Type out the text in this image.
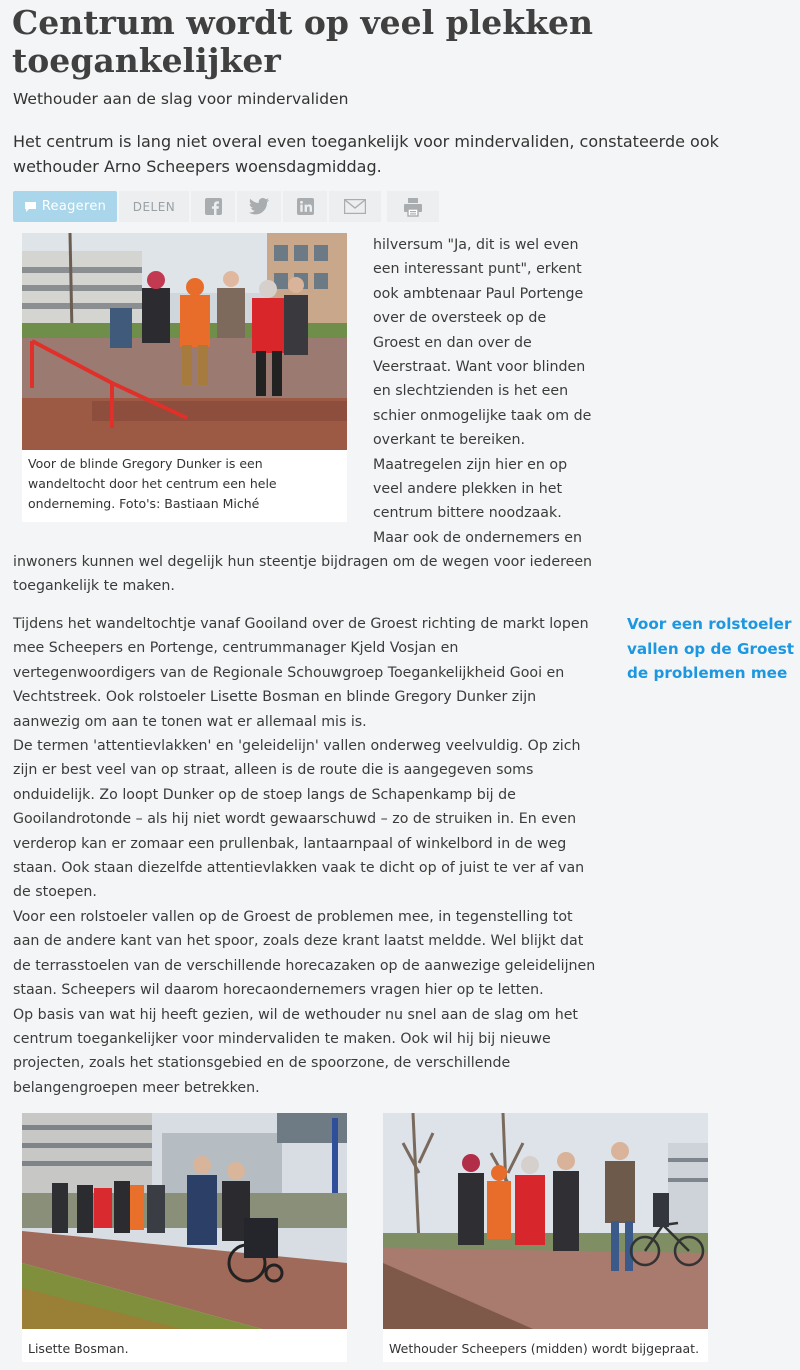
Centrum wordt op veel plekken toegankelijker

Wethouder aan de slag voor mindervaliden

Het centrum is lang niet overal even toegankelijk voor mindervaliden, constateerde ook wethouder Arno Scheepers woensdagmiddag.

Reageren	DELEN
Voor de blinde Gregory Dunker is een wandeltocht door het centrum een hele onderneming. Foto's: Bastiaan Miché
hilversum "Ja, dit is wel even
een interessant punt", erkent
ook ambtenaar Paul Portenge
over de oversteek op de
Groest en dan over de
Veerstraat. Want voor blinden
en slechtzienden is het een
schier onmogelijke taak om de
overkant te bereiken.
Maatregelen zijn hier en op
veel andere plekken in het
centrum bittere noodzaak.
Maar ook de ondernemers en
inwoners kunnen wel degelijk hun steentje bijdragen om de wegen voor iedereen toegankelijk te maken.

Tijdens het wandeltochtje vanaf Gooiland over de Groest richting de markt lopen mee Scheepers en Portenge, centrummanager Kjeld Vosjan en vertegenwoordigers van de Regionale Schouwgroep Toegankelijkheid Gooi en Vechtstreek. Ook rolstoeler Lisette Bosman en blinde Gregory Dunker zijn aanwezig om aan te tonen wat er allemaal mis is.

De termen 'attentievlakken' en 'geleidelijn' vallen onderweg veelvuldig. Op zich zijn er best veel van op straat, alleen is de route die is aangegeven soms onduidelijk. Zo loopt Dunker op de stoep langs de Schapenkamp bij de Gooilandrotonde – als hij niet wordt gewaarschuwd – zo de struiken in. En even verderop kan er zomaar een prullenbak, lantaarnpaal of winkelbord in de weg staan. Ook staan diezelfde attentievlakken vaak te dicht op of juist te ver af van de stoepen.

Voor een rolstoeler vallen op de Groest de problemen mee, in tegenstelling tot aan de andere kant van het spoor, zoals deze krant laatst meldde. Wel blijkt dat de terrasstoelen van de verschillende horecazaken op de aanwezige geleidelijnen staan. Scheepers wil daarom horecaondernemers vragen hier op te letten.

Op basis van wat hij heeft gezien, wil de wethouder nu snel aan de slag om het centrum toegankelijker voor mindervaliden te maken. Ook wil hij bij nieuwe projecten, zoals het stationsgebied en de spoorzone, de verschillende belangengroepen meer betrekken.

Voor een rolstoeler vallen op de Groest de problemen mee
Lisette Bosman.	Wethouder Scheepers (midden) wordt bijgepraat.
